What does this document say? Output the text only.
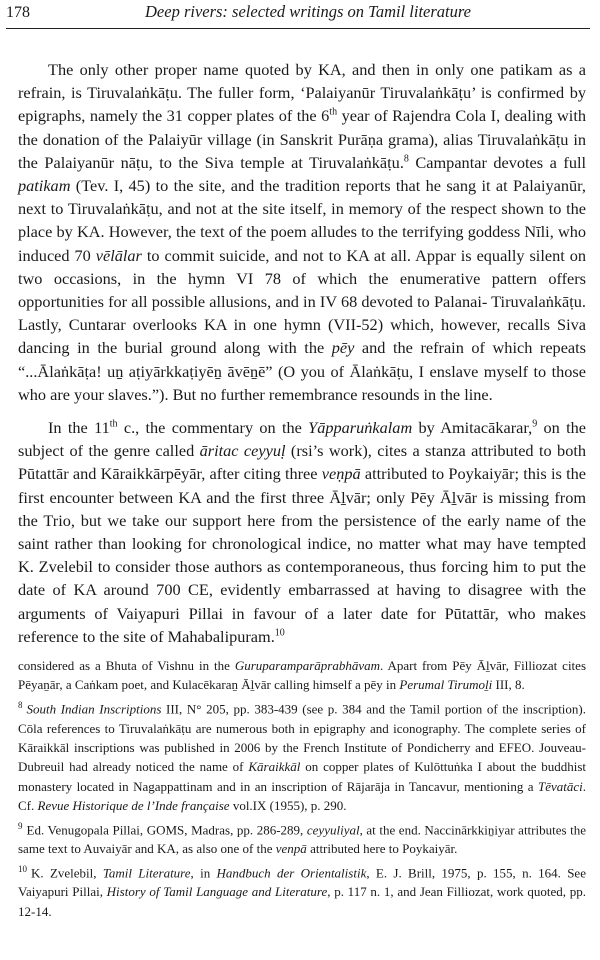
178	Deep rivers: selected writings on Tamil literature

The only other proper name quoted by KA, and then in only one patikam as a refrain, is Tiruvalaṅkāṭu. The fuller form, ‘Palaiyanūr Tiruvalaṅkāṭu’ is confirmed by epigraphs, namely the 31 copper plates of the 6th year of Rajendra Cola I, dealing with the donation of the Palaiyūr village (in Sanskrit Purāṇa grama), alias Tiruvalaṅkāṭu in the Palaiyanūr nāṭu, to the Siva temple at Tiruvalaṅkāṭu.$^8$ Campantar devotes a full patikam (Tev. I, 45) to the site, and the tradition reports that he sang it at Palaiyanūr, next to Tiruvalaṅkāṭu, and not at the site itself, in memory of the respect shown to the place by KA. However, the text of the poem alludes to the terrifying goddess Nīli, who induced 70 vēlālar to commit suicide, and not to KA at all. Appar is equally silent on two occasions, in the hymn VI 78 of which the enumerative pattern offers opportunities for all possible allusions, and in IV 68 devoted to Palanai- Tiruvalaṅkāṭu. Lastly, Cuntarar overlooks KA in one hymn (VII-52) which, however, recalls Siva dancing in the burial ground along with the pēy and the refrain of which repeats “...Ālaṅkāṭa! uṉ aṭiyārkkaṭiyēṉ āvēṉē” (O you of Ālaṅkāṭu, I enslave myself to those who are your slaves.”). But no further remembrance resounds in the line.

In the 11th c., the commentary on the Yāpparuṅkalam by Amitacākarar,$^9$ on the subject of the genre called āritac ceyyuḷ (rsi’s work), cites a stanza attributed to both Pūtattār and Kāraikkārpēyār, after citing three veṇpā attributed to Poykaiyār; this is the first encounter between KA and the first three Āḻvār; only Pēy Āḻvār is missing from the Trio, but we take our support here from the persistence of the early name of the saint rather than looking for chronological indice, no matter what may have tempted K. Zvelebil to consider those authors as contemporaneous, thus forcing him to put the date of KA around 700 CE, evidently embarrassed at having to disagree with the arguments of Vaiyapuri Pillai in favour of a later date for Pūtattār, who makes reference to the site of Mahabalipuram.$^{10}$

considered as a Bhuta of Vishnu in the Guruparamparāprabhāvam. Apart from Pēy Āḻvār, Filliozat cites Pēyaṉār, a Caṅkam poet, and Kulacēkaraṉ Āḻvār calling himself a pēy in Perumal Tirumoḻi III, 8.
$^8$ South Indian Inscriptions III, N° 205, pp. 383-439 (see p. 384 and the Tamil portion of the inscription). Cōla references to Tiruvalaṅkāṭu are numerous both in epigraphy and iconography. The complete series of Kāraikkāl inscriptions was published in 2006 by the French Institute of Pondicherry and EFEO. Jouveau-Dubreuil had already noticed the name of Kāraikkāl on copper plates of Kulōttuṅka I about the buddhist monastery located in Nagappattinam and in an inscription of Rājarāja in Tancavur, mentioning a Tēvatāci. Cf. Revue Historique de l’Inde française vol.IX (1955), p. 290.
$^9$ Ed. Venugopala Pillai, GOMS, Madras, pp. 286-289, ceyyuliyal, at the end. Naccinārkkiṉiyar attributes the same text to Auvaiyār and KA, as also one of the venpā attributed here to Poykaiyār.
$^{10}$ K. Zvelebil, Tamil Literature, in Handbuch der Orientalistik, E. J. Brill, 1975, p. 155, n. 164. See Vaiyapuri Pillai, History of Tamil Language and Literature, p. 117 n. 1, and Jean Filliozat, work quoted, pp. 12-14.
